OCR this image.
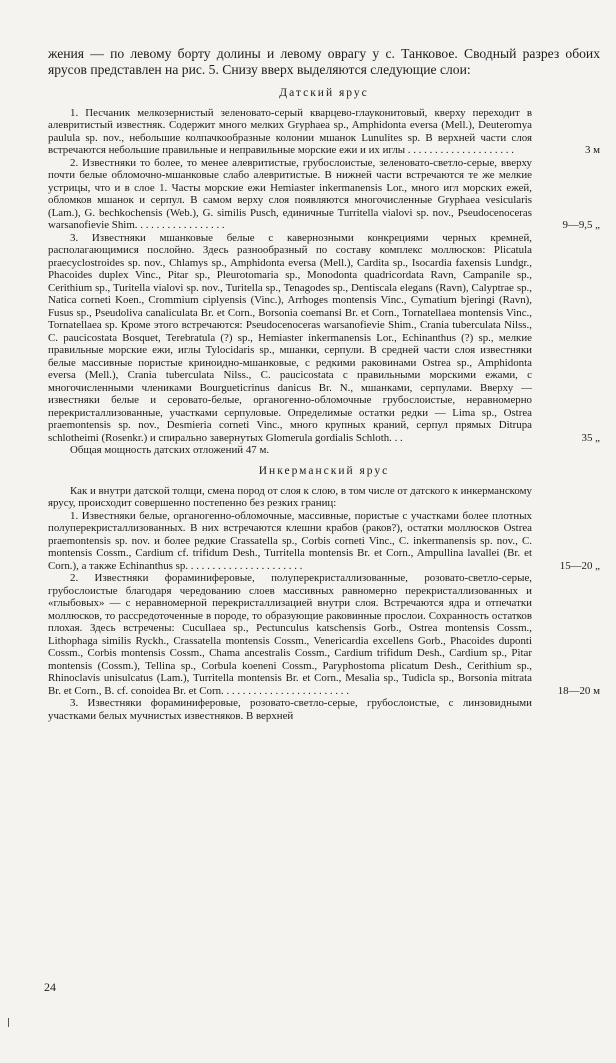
жения — по левому борту долины и левому оврагу у с. Танковое. Сводный разрез обоих ярусов представлен на рис. 5. Снизу вверх выделяются следующие слои:

Датский ярус

1. Песчаник мелкозернистый зеленовато-серый кварцево-глауконитовый, кверху переходит в алевритистый известняк. Содержит много мелких Gryphaea sp., Amphidonta eversa (Mell.), Deuteromya paulula sp. nov., небольшие колпачкообразные колонии мшанок Lunulites sp. В верхней части слоя встречаются небольшие правильные и неправильные морские ежи и их иглы . . . . . . . . . . . . . . . . . . . .	3 м

2. Известняки то более, то менее алевритистые, грубослоистые, зеленовато-светло-серые, вверху почти белые обломочно-мшанковые слабо алевритистые. В нижней части встречаются те же мелкие устрицы, что и в слое 1. Часты морские ежи Hemiaster inkermanensis Lor., много игл морских ежей, обломков мшанок и серпул. В самом верху слоя появляются многочисленные Gryphaea vesicularis (Lam.), G. bechkochensis (Web.), G. similis Pusch, единичные Turritella vialovi sp. nov., Pseudocenoceras warsanofievie Shim. . . . . . . . . . . . . . . . .	9—9,5 „

3. Известняки мшанковые белые с кавернозными конкрециями черных кремней, располагающимися послойно. Здесь разнообразный по составу комплекс моллюсков: Plicatula praecyclostroides sp. nov., Chlamys sp., Amphidonta eversa (Mell.), Cardita sp., Isocardia faxensis Lundgr., Phacoides duplex Vinc., Pitar sp., Pleurotomaria sp., Monodonta quadricordata Ravn, Campanile sp., Cerithium sp., Turitella vialovi sp. nov., Turitella sp., Tenagodes sp., Dentiscala elegans (Ravn), Calyptrae sp., Natica corneti Koen., Crommium ciplyensis (Vinc.), Arrhoges montensis Vinc., Cymatium bjeringi (Ravn), Fusus sp., Pseudoliva canaliculata Br. et Corn., Borsonia coemansi Br. et Corn., Tornatellaea montensis Vinc., Tornatellaea sp. Кроме этого встречаются: Pseudocenoceras warsanofievie Shim., Crania tuberculata Nilss., C. paucicostata Bosquet, Terebratula (?) sp., Hemiaster inkermanensis Lor., Echinanthus (?) sp., мелкие правильные морские ежи, иглы Tylocidaris sp., мшанки, серпули. В средней части слоя известняки белые массивные пористые криноидно-мшанковые, с редкими раковинами Ostrea sp., Amphidonta eversa (Mell.), Crania tuberculata Nilss., C. paucicostata с правильными морскими ежами, с многочисленными члениками Bourgueticrinus danicus Br. N., мшанками, серпулами. Вверху — известняки белые и серовато-белые, органогенно-обломочные грубослоистые, неравномерно перекристаллизованные, участками серпуловые. Определимые остатки редки — Lima sp., Ostrea praemontensis sp. nov., Desmieria corneti Vinc., много крупных краний, серпул прямых Ditrupa schlotheimi (Rosenkr.) и спирально завернутых Glomerula gordialis Schloth. . .	35 „

Общая мощность датских отложений 47 м.

Инкерманский ярус

Как и внутри датской толщи, смена пород от слоя к слою, в том числе от датского к инкерманскому ярусу, происходит совершенно постепенно без резких границ:

1. Известняки белые, органогенно-обломочные, массивные, пористые с участками более плотных полуперекристаллизованных. В них встречаются клешни крабов (раков?), остатки моллюсков Ostrea praemontensis sp. nov. и более редкие Crassatella sp., Corbis corneti Vinc., C. inkermanensis sp. nov., C. montensis Cossm., Cardium cf. trifidum Desh., Turritella montensis Br. et Corn., Ampullina lavallei (Br. et Corn.), а также Echinanthus sp. . . . . . . . . . . . . . . . . . . . . .	15—20 „

2. Известняки фораминиферовые, полуперекристаллизованные, розовато-светло-серые, грубослоистые благодаря чередованию слоев массивных равномерно перекристаллизованных и «глыбовых» — с неравномерной перекристаллизацией внутри слоя. Встречаются ядра и отпечатки моллюсков, то рассредоточенные в породе, то образующие раковинные прослои. Сохранность остатков плохая. Здесь встречены: Cucullaea sp., Pectunculus katschensis Gorb., Ostrea montensis Cossm., Lithophaga similis Ryckh., Crassatella montensis Cossm., Venericardia excellens Gorb., Phacoides duponti Cossm., Corbis montensis Cossm., Chama ancestralis Cossm., Cardium trifidum Desh., Cardium sp., Pitar montensis (Cossm.), Tellina sp., Corbula koeneni Cossm., Paryphostoma plicatum Desh., Cerithium sp., Rhinoclavis unisulcatus (Lam.), Turritella montensis Br. et Corn., Mesalia sp., Tudicla sp., Borsonia mitrata Br. et Corn., B. cf. conoidea Br. et Corn. . . . . . . . . . . . . . . . . . . . . . . .	18—20 м

3. Известняки фораминиферовые, розовато-светло-серые, грубослоистые, с линзовидными участками белых мучнистых известняков. В верхней

24
